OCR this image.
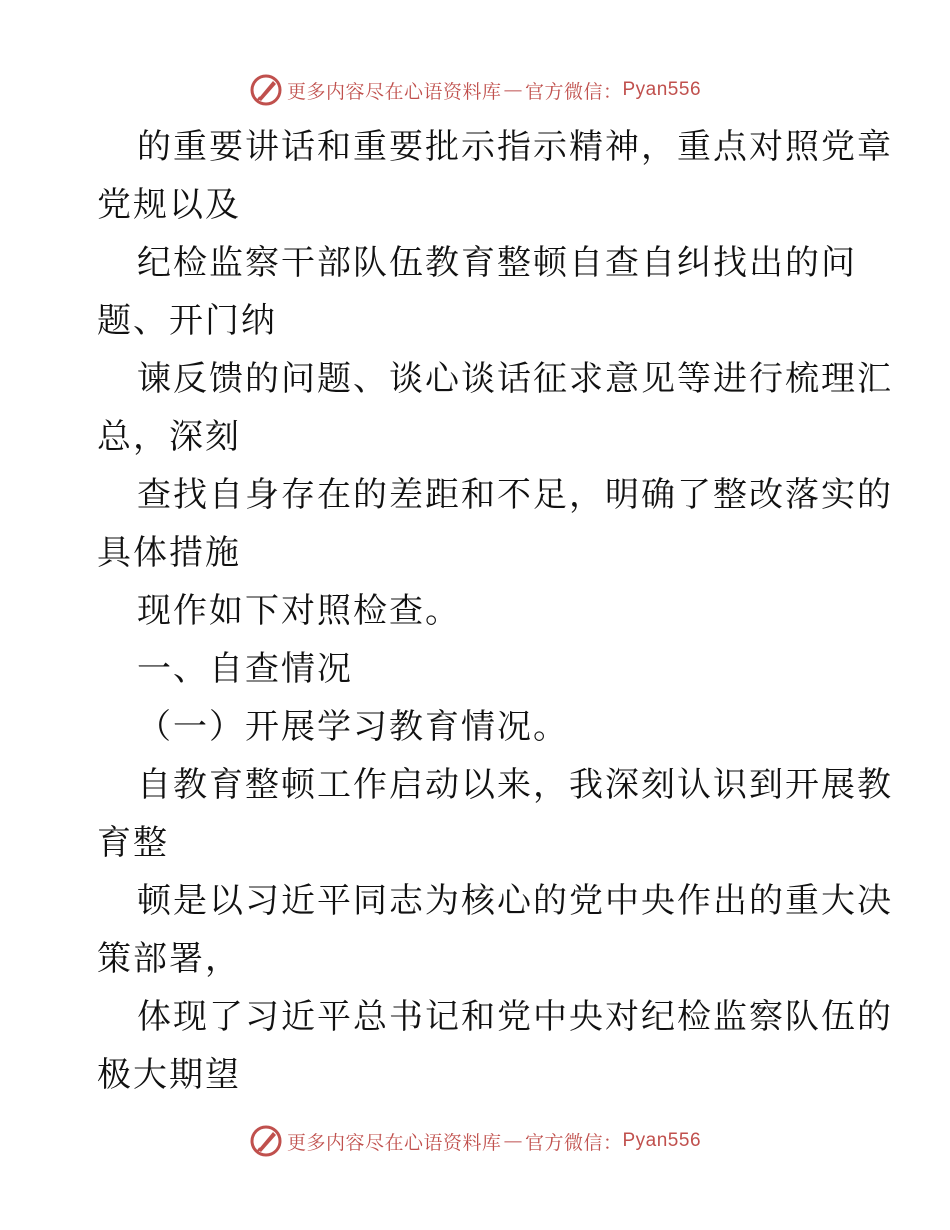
更多内容尽在心语资料库 — 官方微信： Pyan556
的重要讲话和重要批示指示精神，重点对照党章
党规以及
纪检监察干部队伍教育整顿自查自纠找出的问
题、开门纳
谏反馈的问题、谈心谈话征求意见等进行梳理汇
总，深刻
查找自身存在的差距和不足，明确了整改落实的
具体措施
现作如下对照检查。
一、自查情况
（一）开展学习教育情况。
自教育整顿工作启动以来，我深刻认识到开展教
育整
顿是以习近平同志为核心的党中央作出的重大决
策部署，
体现了习近平总书记和党中央对纪检监察队伍的
极大期望
更多内容尽在心语资料库 — 官方微信： Pyan556
